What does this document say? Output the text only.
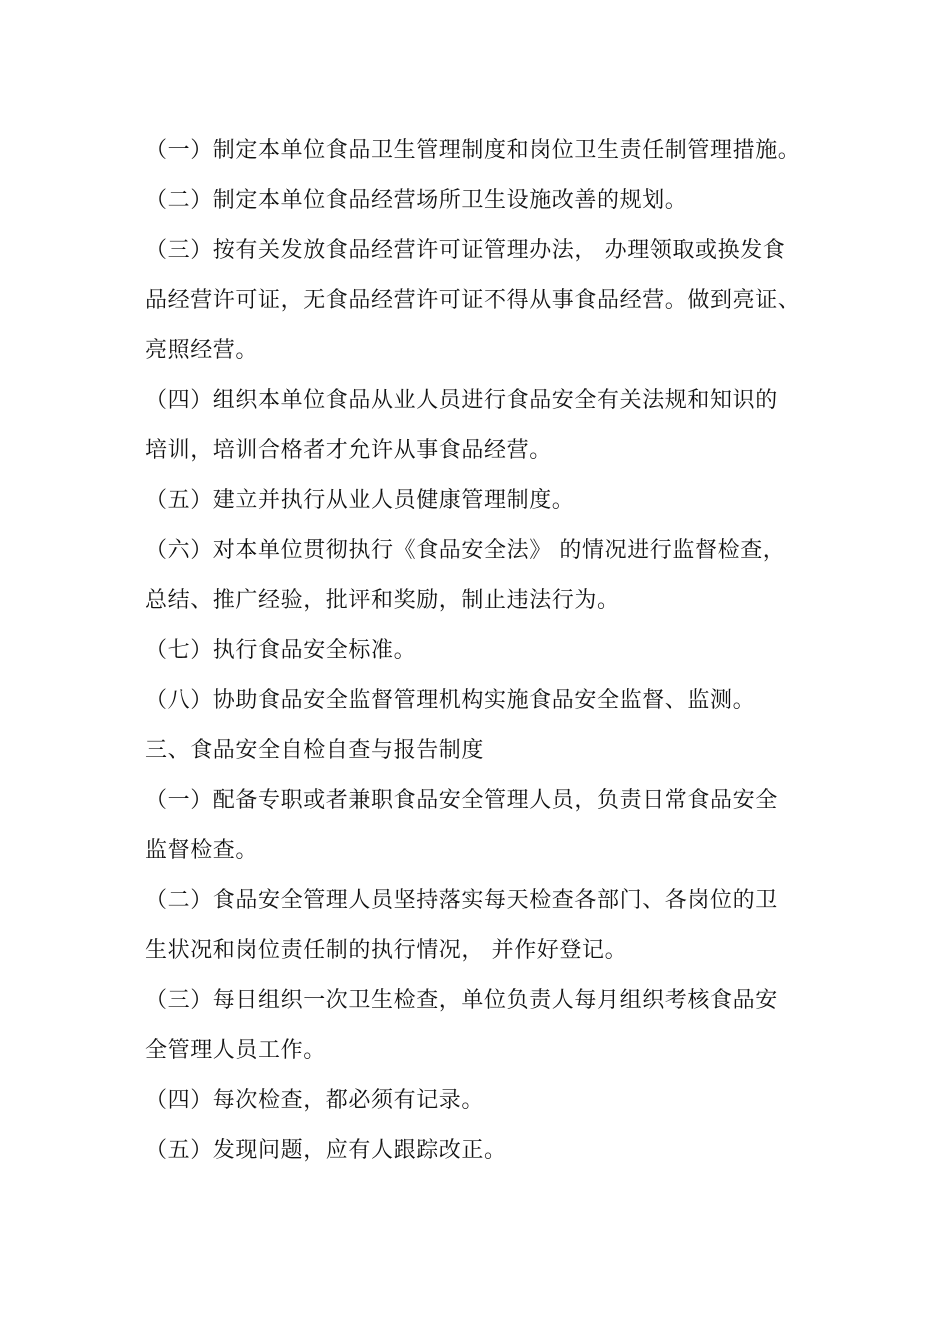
（一）制定本单位食品卫生管理制度和岗位卫生责任制管理措施。
（二）制定本单位食品经营场所卫生设施改善的规划。
（三）按有关发放食品经营许可证管理办法， 办理领取或换发食
品经营许可证，无食品经营许可证不得从事食品经营。做到亮证、
亮照经营。
（四）组织本单位食品从业人员进行食品安全有关法规和知识的
培训，培训合格者才允许从事食品经营。
（五）建立并执行从业人员健康管理制度。
（六）对本单位贯彻执行《食品安全法》 的情况进行监督检查，
总结、推广经验，批评和奖励，制止违法行为。
（七）执行食品安全标准。
（八）协助食品安全监督管理机构实施食品安全监督、监测。
三、食品安全自检自查与报告制度
（一）配备专职或者兼职食品安全管理人员，负责日常食品安全
监督检查。
（二）食品安全管理人员坚持落实每天检查各部门、各岗位的卫
生状况和岗位责任制的执行情况， 并作好登记。
（三）每日组织一次卫生检查，单位负责人每月组织考核食品安
全管理人员工作。
（四）每次检查，都必须有记录。
（五）发现问题，应有人跟踪改正。
